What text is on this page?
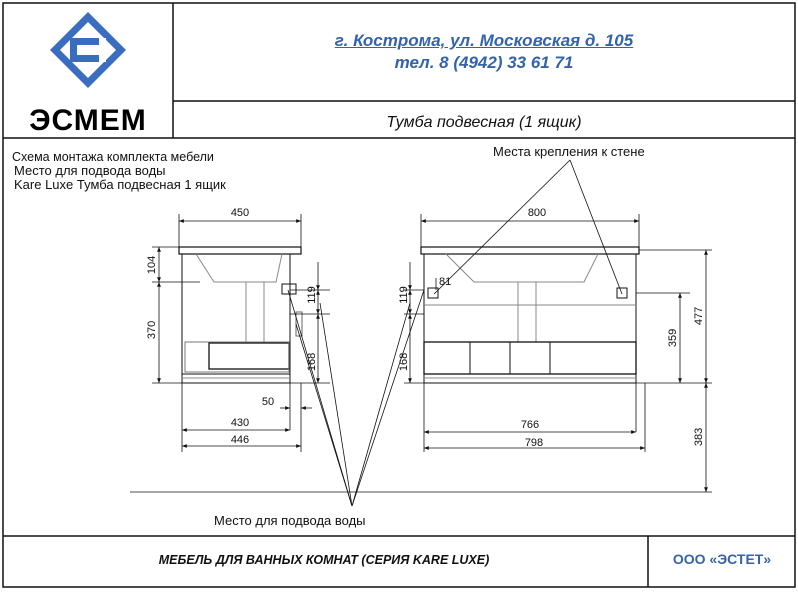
ЭСМЕМ
450
430
446
50
104
370
119
168
800
766
798
81
119
168
359
477
383
г. Кострома, ул. Московская д. 105
тел. 8 (4942) 33 61 71
Тумба подвесная (1 ящик)
Схема монтажа комплекта мебели
Место для подвода воды
Kare Luxe Тумба подвесная 1 ящик
Места крепления к стене
Место для подвода воды
МЕБЕЛЬ ДЛЯ ВАННЫХ КОМНАТ (СЕРИЯ KARE LUXE)	ООО «ЭСТЕТ»
